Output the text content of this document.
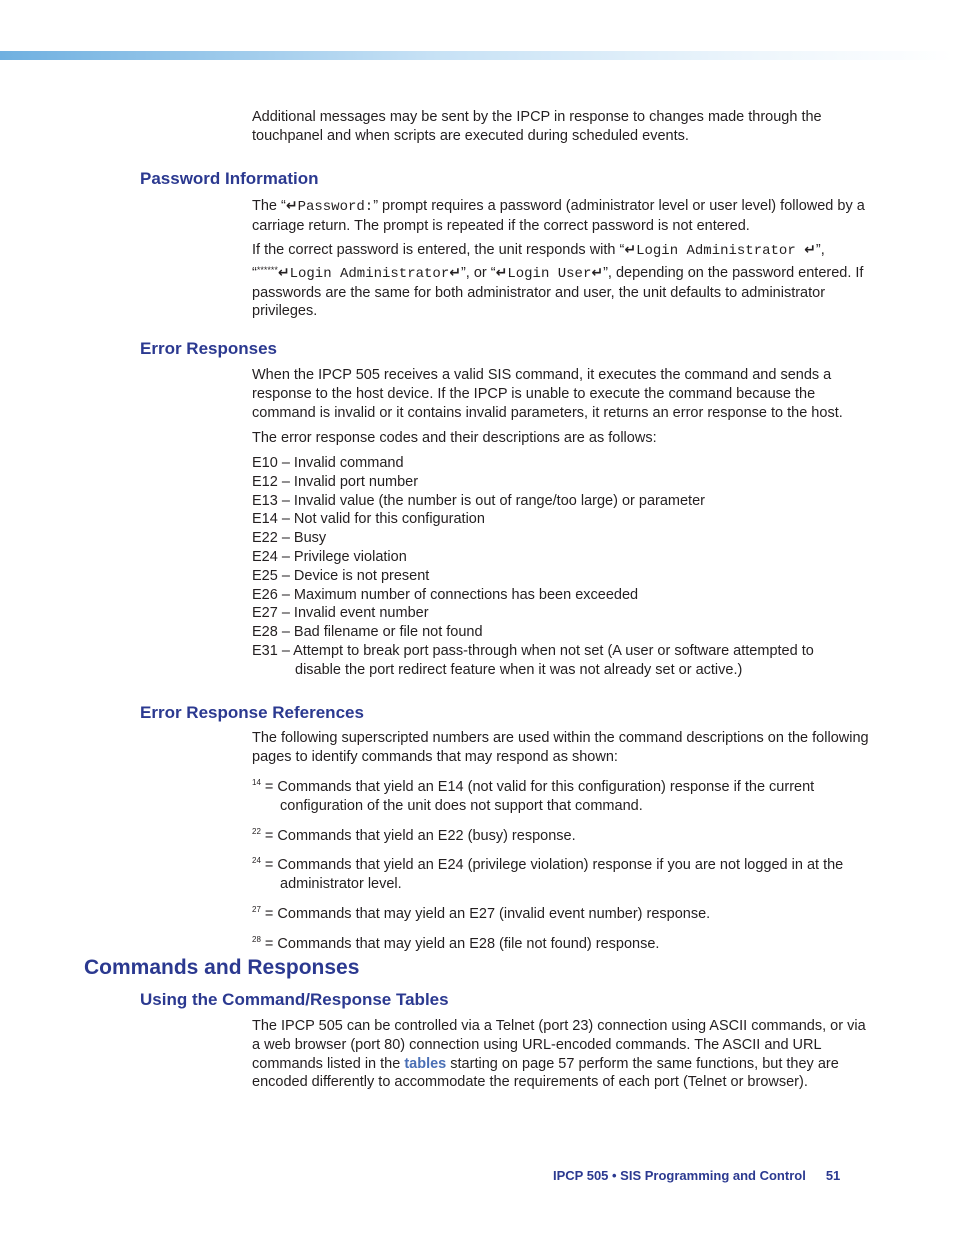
Additional messages may be sent by the IPCP in response to changes made through the touchpanel and when scripts are executed during scheduled events.

Password Information

The “↵Password:” prompt requires a password (administrator level or user level) followed by a carriage return. The prompt is repeated if the correct password is not entered.

If the correct password is entered, the unit responds with “↵Login Administrator ↵”, “******↵Login Administrator↵”, or “↵Login User↵”, depending on the password entered. If passwords are the same for both administrator and user, the unit defaults to administrator privileges.

Error Responses
When the IPCP 505 receives a valid SIS command, it executes the command and sends a response to the host device. If the IPCP is unable to execute the command because the command is invalid or it contains invalid parameters, it returns an error response to the host.
The error response codes and their descriptions are as follows:

E10 – Invalid command

E12 – Invalid port number

E13 – Invalid value (the number is out of range/too large) or parameter

E14 – Not valid for this configuration

E22 – Busy

E24 – Privilege violation

E25 – Device is not present

E26 – Maximum number of connections has been exceeded

E27 – Invalid event number

E28 – Bad filename or file not found

E31 – Attempt to break port pass-through when not set (A user or software attempted to
disable the port redirect feature when it was not already set or active.)

Error Response References
The following superscripted numbers are used within the command descriptions on the following pages to identify commands that may respond as shown:

$^{14}$ = Commands that yield an E14 (not valid for this configuration) response if the current
configuration of the unit does not support that command.

$^{22}$ = Commands that yield an E22 (busy) response.

$^{24}$ = Commands that yield an E24 (privilege violation) response if you are not logged in at the
administrator level.

$^{27}$ = Commands that may yield an E27 (invalid event number) response.

$^{28}$ = Commands that may yield an E28 (file not found) response.

Commands and Responses
Using the Command/Response Tables

The IPCP 505 can be controlled via a Telnet (port 23) connection using ASCII commands, or via a web browser (port 80) connection using URL-encoded commands. The ASCII and URL commands listed in the tables starting on page 57 perform the same functions, but they are encoded differently to accommodate the requirements of each port (Telnet or browser).

IPCP 505 • SIS Programming and Control 51
